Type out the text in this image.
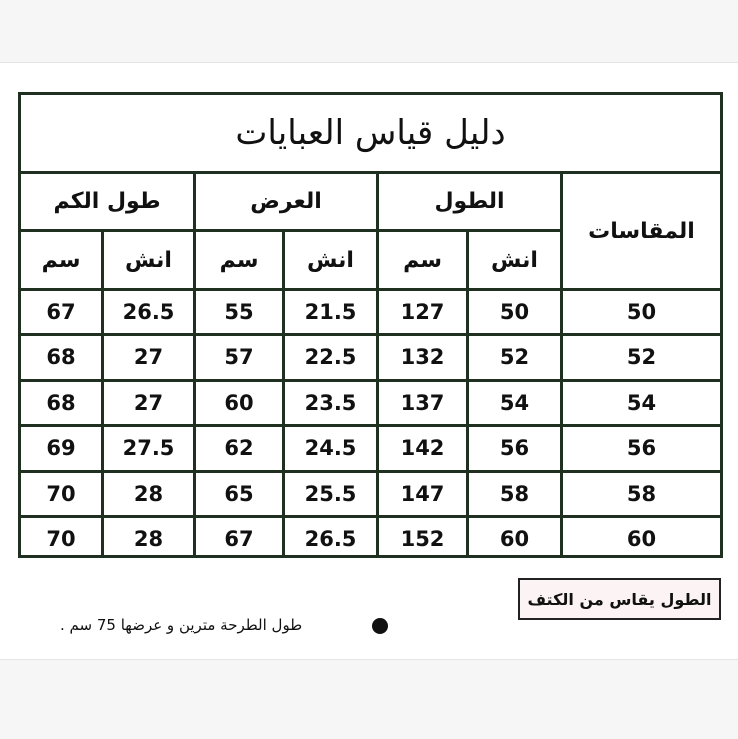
دليل قياس العبايات
المقاسات
الطول
العرض
طول الكم
انش
سم
انش
سم
انش
سم
50
50
127
21.5
55
26.5
67
52
52
132
22.5
57
27
68
54
54
137
23.5
60
27
68
56
56
142
24.5
62
27.5
69
58
58
147
25.5
65
28
70
60
60
152
26.5
67
28
70
الطول يقاس من الكتف
طول الطرحة مترين و عرضها 75 سم .
